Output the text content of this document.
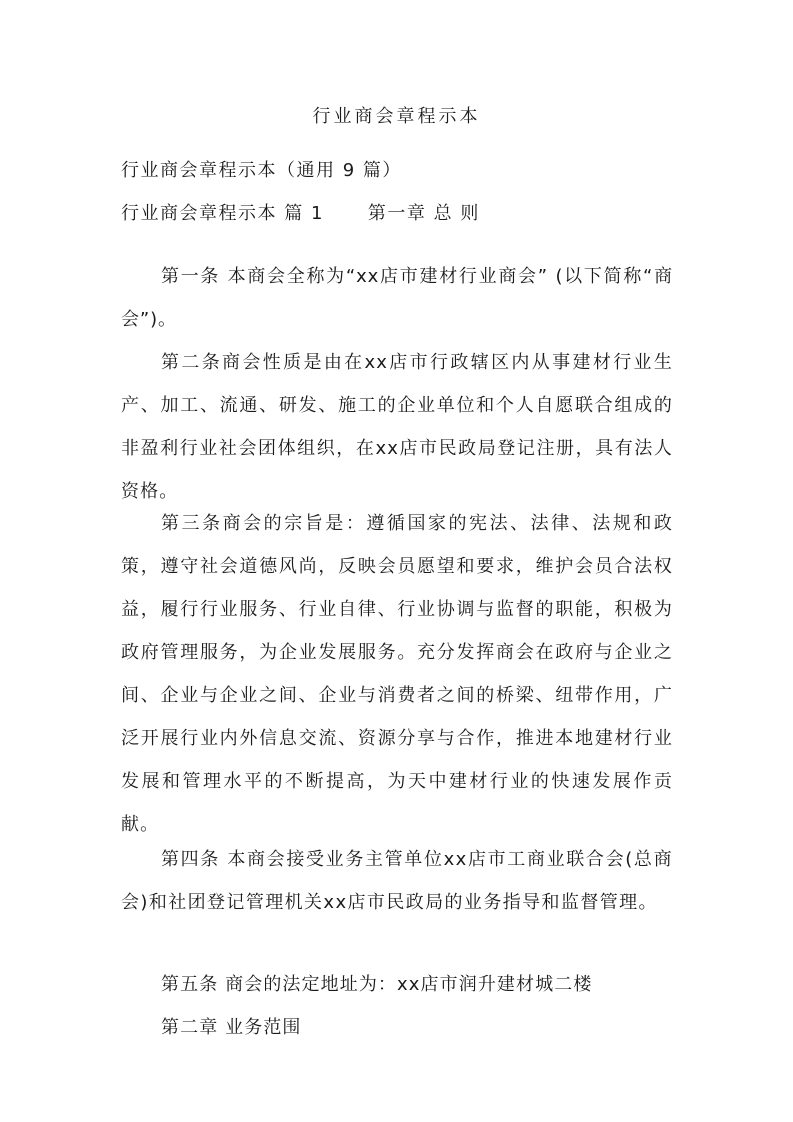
行业商会章程示本
行业商会章程示本（通用 9 篇）
行业商会章程示本 篇 1 第一章 总 则

第一条 本商会全称为“xx店市建材行业商会” (以下简称“商会”)。

第二条商会性质是由在xx店市行政辖区内从事建材行业生产、加工、流通、研发、施工的企业单位和个人自愿联合组成的非盈利行业社会团体组织，在xx店市民政局登记注册，具有法人资格。

第三条商会的宗旨是：遵循国家的宪法、法律、法规和政策，遵守社会道德风尚，反映会员愿望和要求，维护会员合法权益，履行行业服务、行业自律、行业协调与监督的职能，积极为政府管理服务，为企业发展服务。充分发挥商会在政府与企业之间、企业与企业之间、企业与消费者之间的桥梁、纽带作用，广泛开展行业内外信息交流、资源分享与合作，推进本地建材行业发展和管理水平的不断提高，为天中建材行业的快速发展作贡献。

第四条 本商会接受业务主管单位xx店市工商业联合会(总商会)和社团登记管理机关xx店市民政局的业务指导和监督管理。

第五条 商会的法定地址为：xx店市润升建材城二楼

第二章 业务范围
